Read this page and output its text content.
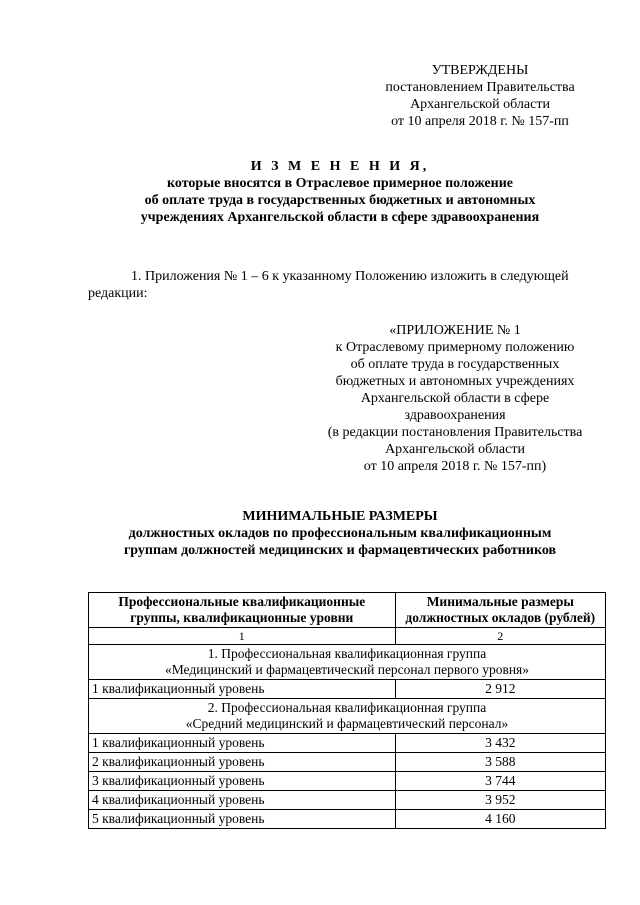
УТВЕРЖДЕНЫ
постановлением Правительства
Архангельской области
от 10 апреля 2018 г. № 157-пп
И З М Е Н Е Н И Я,
которые вносятся в Отраслевое примерное положение
об оплате труда в государственных бюджетных и автономных
учреждениях Архангельской области в сфере здравоохранения
1. Приложения № 1 – 6 к указанному Положению изложить в следующей редакции:
«ПРИЛОЖЕНИЕ № 1
к Отраслевому примерному положению
об оплате труда в государственных
бюджетных и автономных учреждениях
Архангельской области в сфере
здравоохранения
(в редакции постановления Правительства
Архангельской области
от 10 апреля 2018 г. № 157-пп)
МИНИМАЛЬНЫЕ РАЗМЕРЫ
должностных окладов по профессиональным квалификационным
группам должностей медицинских и фармацевтических работников
Профессиональные квалификационные группы, квалификационные уровни	Минимальные размеры должностных окладов (рублей)
1	2

1. Профессиональная квалификационная группа
«Медицинский и фармацевтический персонал первого уровня»	

1 квалификационный уровень	2 912

2. Профессиональная квалификационная группа
«Средний медицинский и фармацевтический персонал»	

1 квалификационный уровень	3 432
2 квалификационный уровень	3 588
3 квалификационный уровень	3 744
4 квалификационный уровень	3 952
5 квалификационный уровень	4 160
